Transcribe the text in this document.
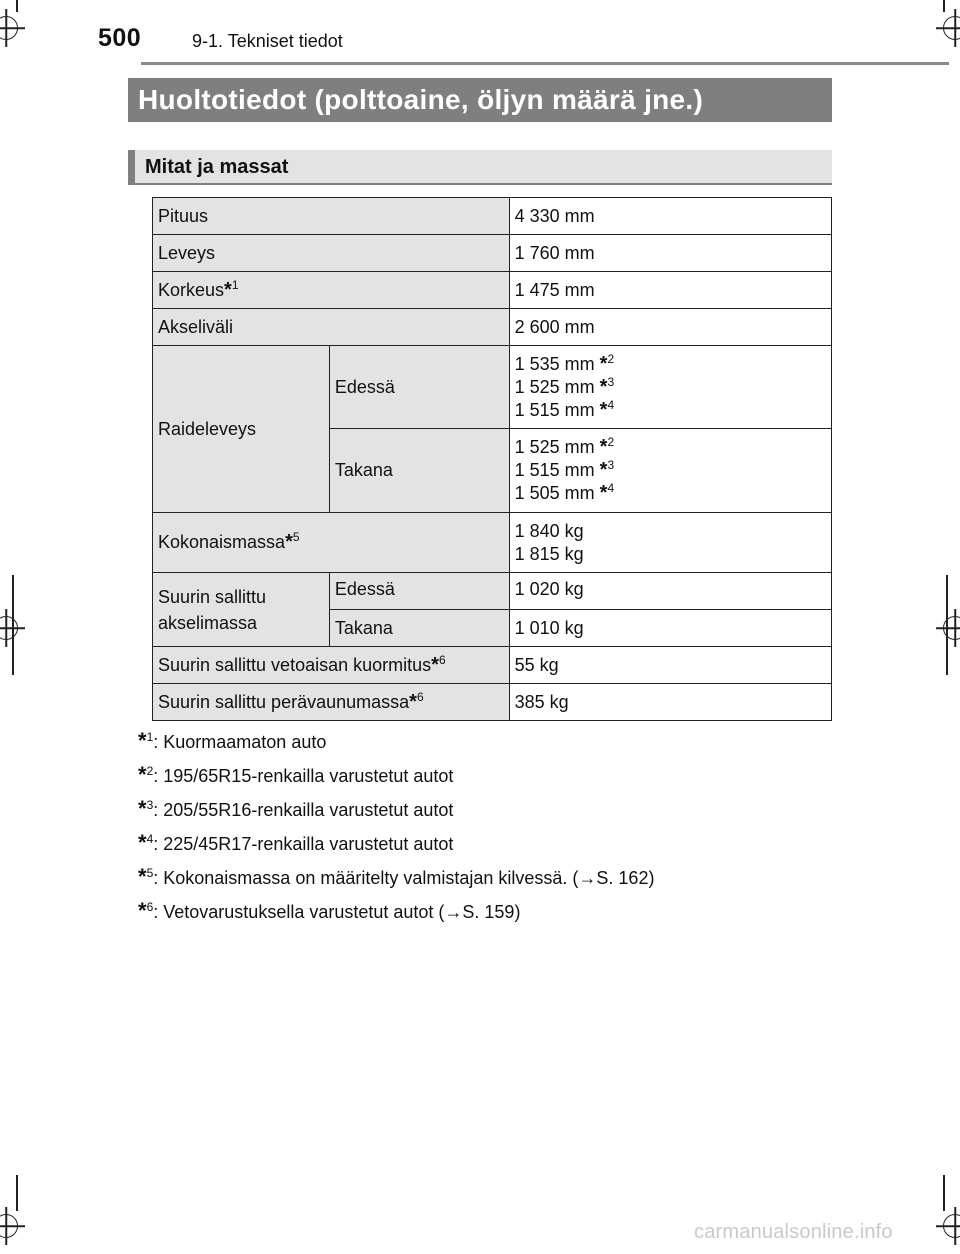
500	9-1. Tekniset tiedot
Huoltotiedot (polttoaine, öljyn määrä jne.)
Mitat ja massat
Pituus		4 330 mm
Leveys		1 760 mm
Korkeus*$^1$		1 475 mm
Akseliväli		2 600 mm
Raideleveys	Edessä	1 535 mm *$^2$
1 525 mm *$^3$
1 515 mm *$^4$

	Takana	1 525 mm *$^2$
1 515 mm *$^3$
1 505 mm *$^4$

Kokonaismassa*$^5$		1 840 kg
1 815 kg

Suurin sallittu akselimassa	Edessä	1 020 kg
	Takana	1 010 kg
Suurin sallittu vetoaisan kuormitus*$^6$		55 kg
Suurin sallittu perävaunumassa*$^6$		385 kg
*$^1$: Kuormaamaton auto
*$^2$: 195/65R15-renkailla varustetut autot
*$^3$: 205/55R16-renkailla varustetut autot
*$^4$: 225/45R17-renkailla varustetut autot
*$^5$: Kokonaismassa on määritelty valmistajan kilvessä. (→S. 162)
*$^6$: Vetovarustuksella varustetut autot (→S. 159)
carmanualsonline.info
